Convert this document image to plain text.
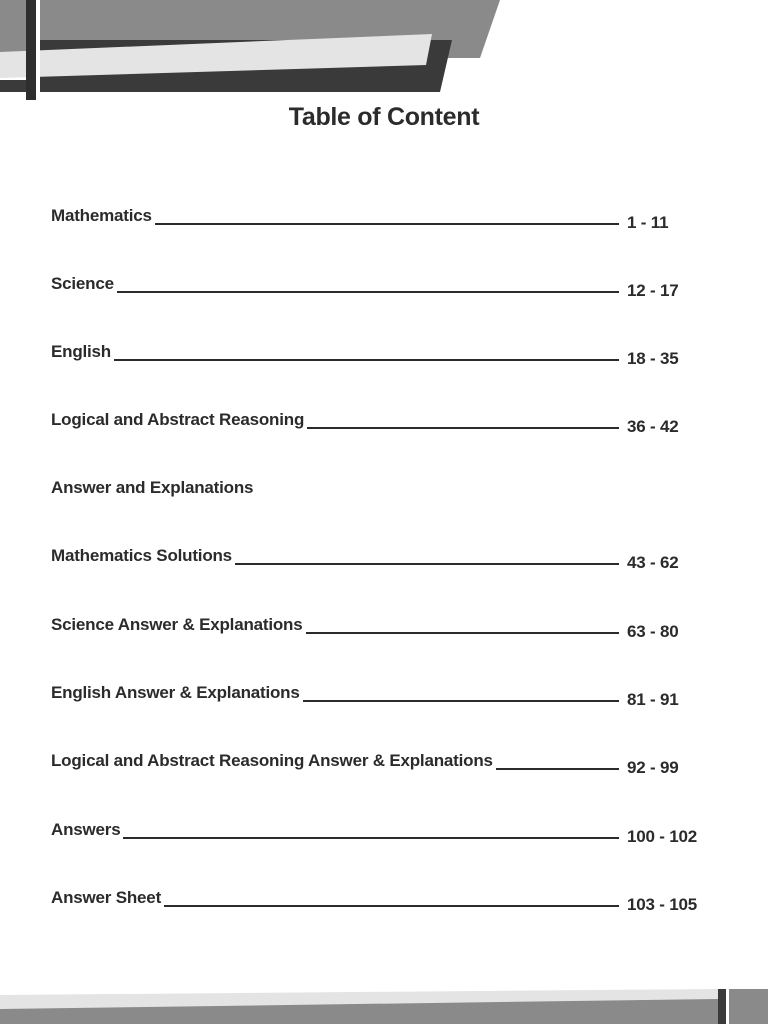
Table of Content
Mathematics	1 - 11
Science	12 - 17
English	18 - 35
Logical and Abstract Reasoning	36 - 42
Answer and Explanations
Mathematics Solutions	43 - 62
Science Answer & Explanations	63 - 80
English Answer & Explanations	81 - 91
Logical and Abstract Reasoning Answer & Explanations	92 - 99
Answers	100 - 102
Answer Sheet	103 - 105
